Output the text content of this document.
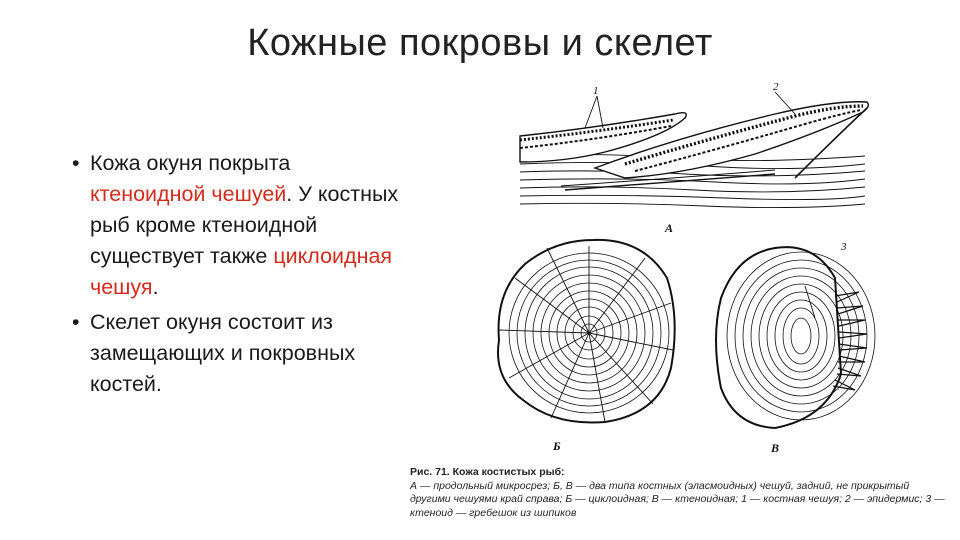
Кожные покровы и скелет
• Кожа окуня покрыта ктеноидной чешуей. У костных рыб кроме ктеноидной существует также циклоидная чешуя.
• Скелет окуня состоит из замещающих и покровных костей.
1	2
А
Б
3
В
Рис. 71. Кожа костистых рыб:
А — продольный микросрез; Б, В — два типа костных (эласмоидных) чешуй, задний, не прикрытый другими чешуями край справа; Б — циклоидная; В — ктеноидная; 1 — костная чешуя; 2 — эпидермис; 3 — ктеноид — гребешок из шипиков
